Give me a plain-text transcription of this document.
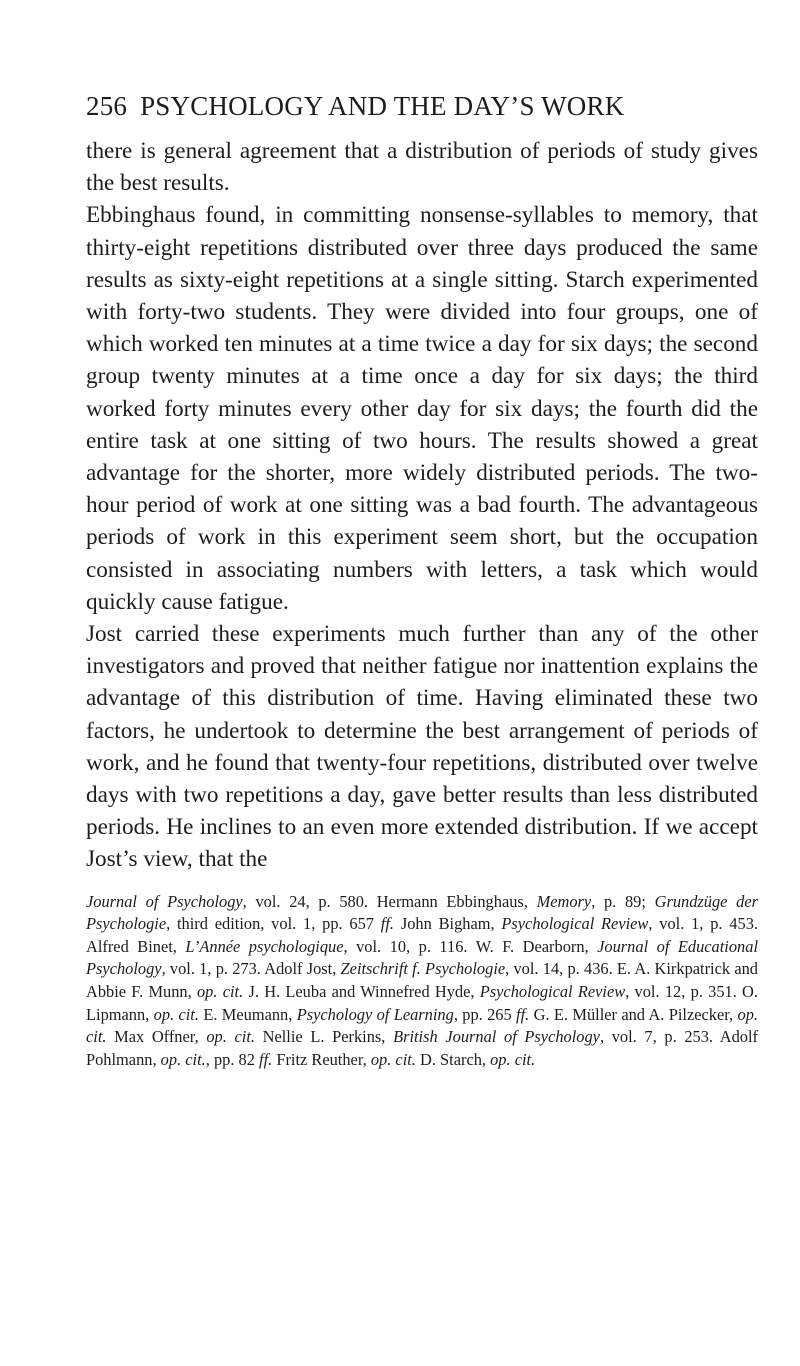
256 PSYCHOLOGY AND THE DAY’S WORK

there is general agreement that a distribution of periods of study gives the best results.

Ebbinghaus found, in committing nonsense-syllables to memory, that thirty-eight repetitions distributed over three days produced the same results as sixty-eight repetitions at a single sitting. Starch experimented with forty-two students. They were divided into four groups, one of which worked ten minutes at a time twice a day for six days; the second group twenty minutes at a time once a day for six days; the third worked forty minutes every other day for six days; the fourth did the entire task at one sitting of two hours. The results showed a great advantage for the shorter, more widely distributed periods. The two-hour period of work at one sitting was a bad fourth. The advantageous periods of work in this experiment seem short, but the occupation consisted in associating numbers with letters, a task which would quickly cause fatigue.

Jost carried these experiments much further than any of the other investigators and proved that neither fatigue nor inattention explains the advantage of this distribution of time. Having eliminated these two factors, he undertook to determine the best arrangement of periods of work, and he found that twenty-four repetitions, distributed over twelve days with two repetitions a day, gave better results than less distributed periods. He inclines to an even more extended distribution. If we accept Jost’s view, that the

Journal of Psychology, vol. 24, p. 580. Hermann Ebbinghaus, Memory, p. 89; Grundzüge der Psychologie, third edition, vol. 1, pp. 657 ff. John Bigham, Psychological Review, vol. 1, p. 453. Alfred Binet, L’Année psychologique, vol. 10, p. 116. W. F. Dearborn, Journal of Educational Psychology, vol. 1, p. 273. Adolf Jost, Zeitschrift f. Psychologie, vol. 14, p. 436. E. A. Kirkpatrick and Abbie F. Munn, op. cit. J. H. Leuba and Winnefred Hyde, Psychological Review, vol. 12, p. 351. O. Lipmann, op. cit. E. Meumann, Psychology of Learning, pp. 265 ff. G. E. Müller and A. Pilzecker, op. cit. Max Offner, op. cit. Nellie L. Perkins, British Journal of Psychology, vol. 7, p. 253. Adolf Pohlmann, op. cit., pp. 82 ff. Fritz Reuther, op. cit. D. Starch, op. cit.
